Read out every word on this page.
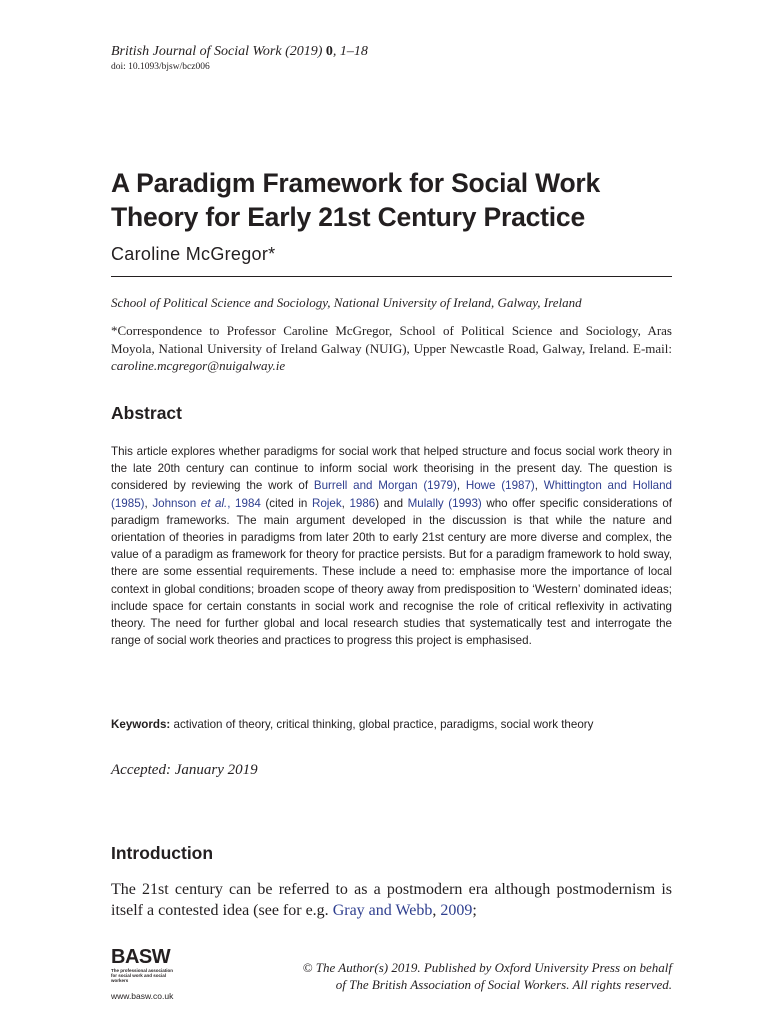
British Journal of Social Work (2019) 0, 1–18
doi: 10.1093/bjsw/bcz006
A Paradigm Framework for Social Work Theory for Early 21st Century Practice
Caroline McGregor*
School of Political Science and Sociology, National University of Ireland, Galway, Ireland
*Correspondence to Professor Caroline McGregor, School of Political Science and Sociology, Aras Moyola, National University of Ireland Galway (NUIG), Upper Newcastle Road, Galway, Ireland. E-mail: caroline.mcgregor@nuigalway.ie
Abstract

This article explores whether paradigms for social work that helped structure and focus social work theory in the late 20th century can continue to inform social work theorising in the present day. The question is considered by reviewing the work of Burrell and Morgan (1979), Howe (1987), Whittington and Holland (1985), Johnson et al., 1984 (cited in Rojek, 1986) and Mulally (1993) who offer specific considerations of paradigm frameworks. The main argument developed in the discussion is that while the nature and orientation of theories in paradigms from later 20th to early 21st century are more diverse and complex, the value of a paradigm as framework for theory for practice persists. But for a paradigm framework to hold sway, there are some essential requirements. These include a need to: emphasise more the importance of local context in global conditions; broaden scope of theory away from predisposition to ‘Western’ dominated ideas; include space for certain constants in social work and recognise the role of critical reflexivity in activating theory. The need for further global and local research studies that systematically test and interrogate the range of social work theories and practices to progress this project is emphasised.

Keywords: activation of theory, critical thinking, global practice, paradigms, social work theory
Accepted: January 2019
Introduction

The 21st century can be referred to as a postmodern era although postmodernism is itself a contested idea (see for e.g. Gray and Webb, 2009;

BASW
The professional association for social work and social workers
www.basw.co.uk
© The Author(s) 2019. Published by Oxford University Press on behalf
of The British Association of Social Workers. All rights reserved.
